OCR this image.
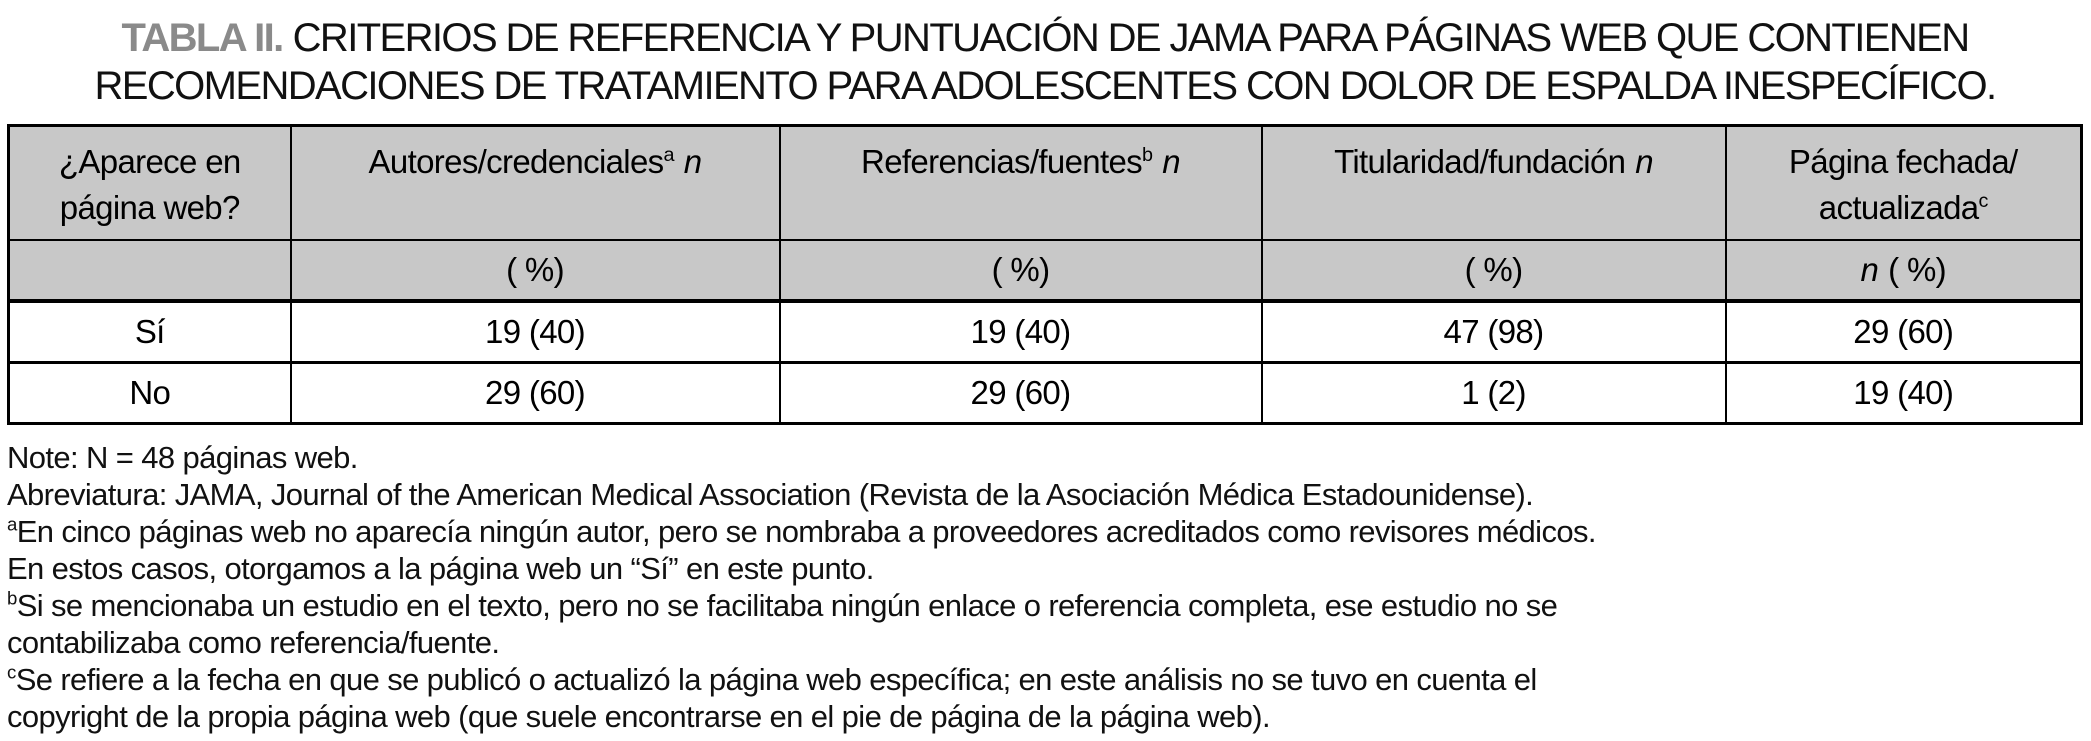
TABLA II. CRITERIOS DE REFERENCIA Y PUNTUACIÓN DE JAMA PARA PÁGINAS WEB QUE CONTIENEN
RECOMENDACIONES DE TRATAMIENTO PARA ADOLESCENTES CON DOLOR DE ESPALDA INESPECÍFICO.
¿Aparece en página web?	Autores/credenciales$^a$ n	Referencias/fuentes$^b$ n	Titularidad/fundación n	Página fechada/
actualizada$^c$

	( %)	( %)	( %)	n ( %)
Sí	19 (40)	19 (40)	47 (98)	29 (60)
No	29 (60)	29 (60)	1 (2)	19 (40)
Note: N = 48 páginas web.
Abreviatura: JAMA, Journal of the American Medical Association (Revista de la Asociación Médica Estadounidense).
$^a$En cinco páginas web no aparecía ningún autor, pero se nombraba a proveedores acreditados como revisores médicos.
En estos casos, otorgamos a la página web un “Sí” en este punto.
$^b$Si se mencionaba un estudio en el texto, pero no se facilitaba ningún enlace o referencia completa, ese estudio no se
contabilizaba como referencia/fuente.
$^c$Se refiere a la fecha en que se publicó o actualizó la página web específica; en este análisis no se tuvo en cuenta el
copyright de la propia página web (que suele encontrarse en el pie de página de la página web).
